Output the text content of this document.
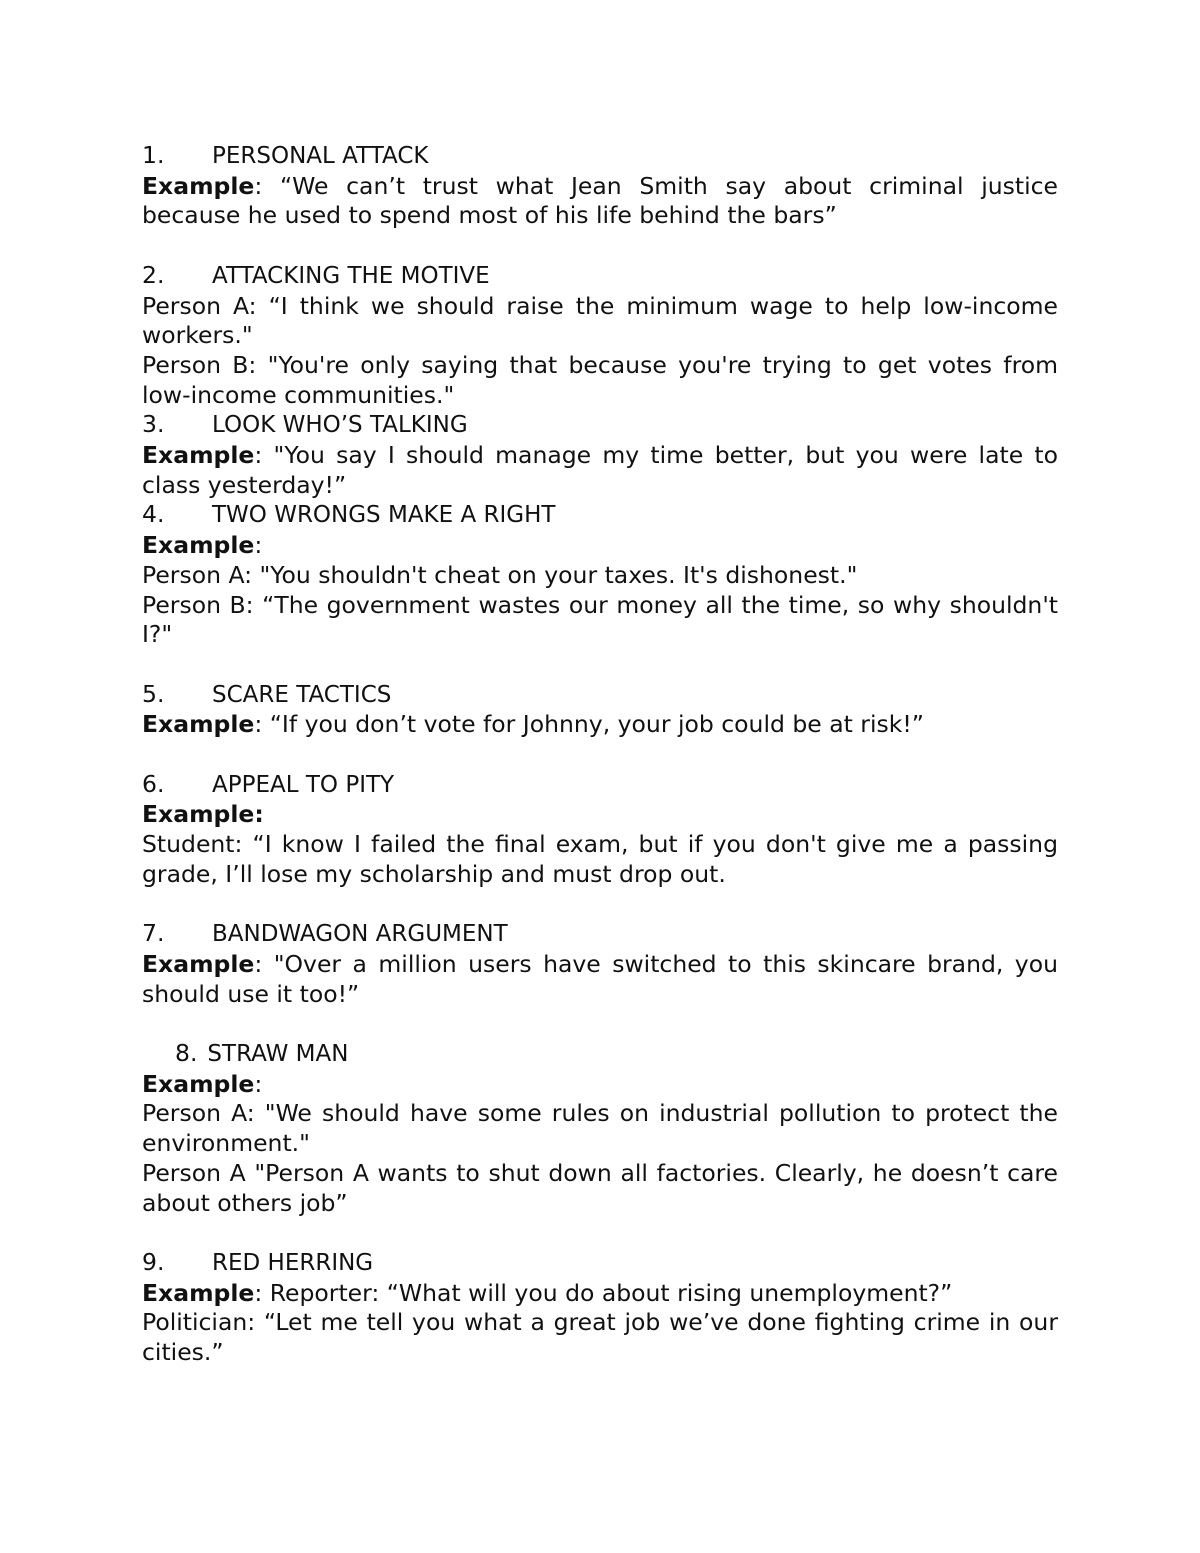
1. PERSONAL ATTACK
Example: “We can’t trust what Jean Smith say about criminal justice because he used to spend most of his life behind the bars”
2. ATTACKING THE MOTIVE
Person A: “I think we should raise the minimum wage to help low-income workers."
Person B: "You're only saying that because you're trying to get votes from low-income communities."
3. LOOK WHO’S TALKING
Example: "You say I should manage my time better, but you were late to class yesterday!”
4. TWO WRONGS MAKE A RIGHT
Example:
Person A: "You shouldn't cheat on your taxes. It's dishonest."
Person B: “The government wastes our money all the time, so why shouldn't I?"
5. SCARE TACTICS
Example: “If you don’t vote for Johnny, your job could be at risk!”
6. APPEAL TO PITY
Example:
Student: “I know I failed the final exam, but if you don't give me a passing grade, I’ll lose my scholarship and must drop out.
7. BANDWAGON ARGUMENT
Example: "Over a million users have switched to this skincare brand, you should use it too!”
8. STRAW MAN
Example:
Person A: "We should have some rules on industrial pollution to protect the environment."
Person A "Person A wants to shut down all factories. Clearly, he doesn’t care about others job”
9. RED HERRING
Example: Reporter: “What will you do about rising unemployment?”
Politician: “Let me tell you what a great job we’ve done fighting crime in our cities.”
